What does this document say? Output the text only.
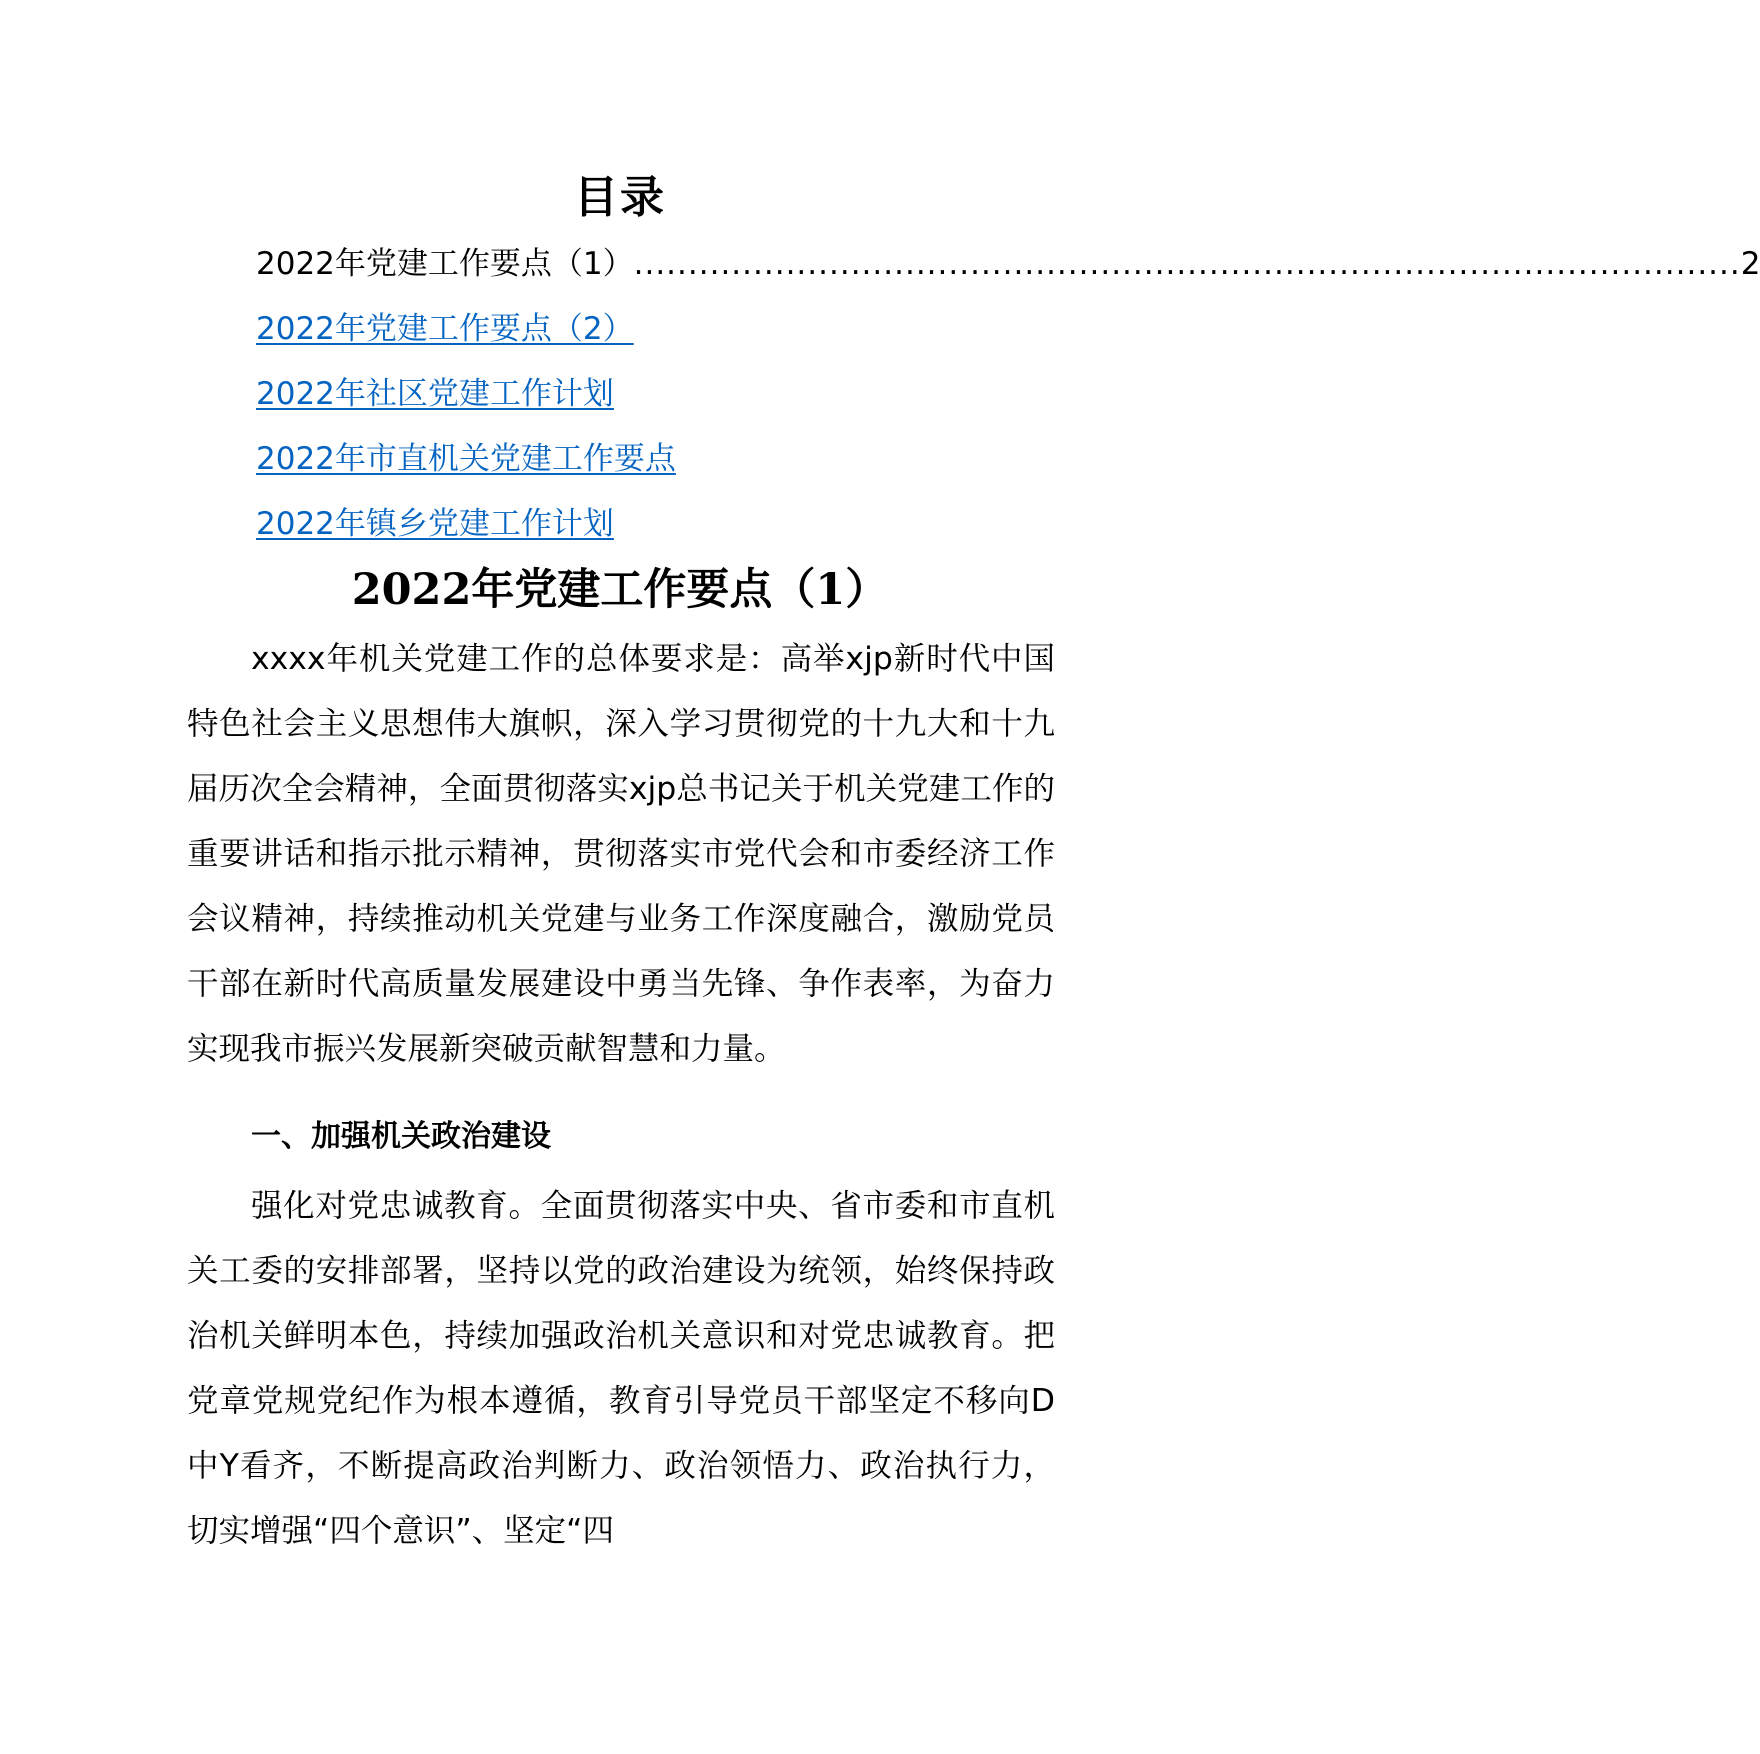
目录
2022年党建工作要点（1） ...................................................................................................... 2
2022年党建工作要点（2）
2022年社区党建工作计划
2022年市直机关党建工作要点
2022年镇乡党建工作计划
2022年党建工作要点（1）

xxxx年机关党建工作的总体要求是：高举xjp新时代中国特色社会主义思想伟大旗帜，深入学习贯彻党的十九大和十九届历次全会精神，全面贯彻落实xjp总书记关于机关党建工作的重要讲话和指示批示精神，贯彻落实市党代会和市委经济工作会议精神，持续推动机关党建与业务工作深度融合，激励党员干部在新时代高质量发展建设中勇当先锋、争作表率，为奋力实现我市振兴发展新突破贡献智慧和力量。

一、加强机关政治建设

强化对党忠诚教育。全面贯彻落实中央、省市委和市直机关工委的安排部署，坚持以党的政治建设为统领，始终保持政治机关鲜明本色，持续加强政治机关意识和对党忠诚教育。把党章党规党纪作为根本遵循，教育引导党员干部坚定不移向D中Y看齐，不断提高政治判断力、政治领悟力、政治执行力，切实增强“四个意识”、坚定“四
